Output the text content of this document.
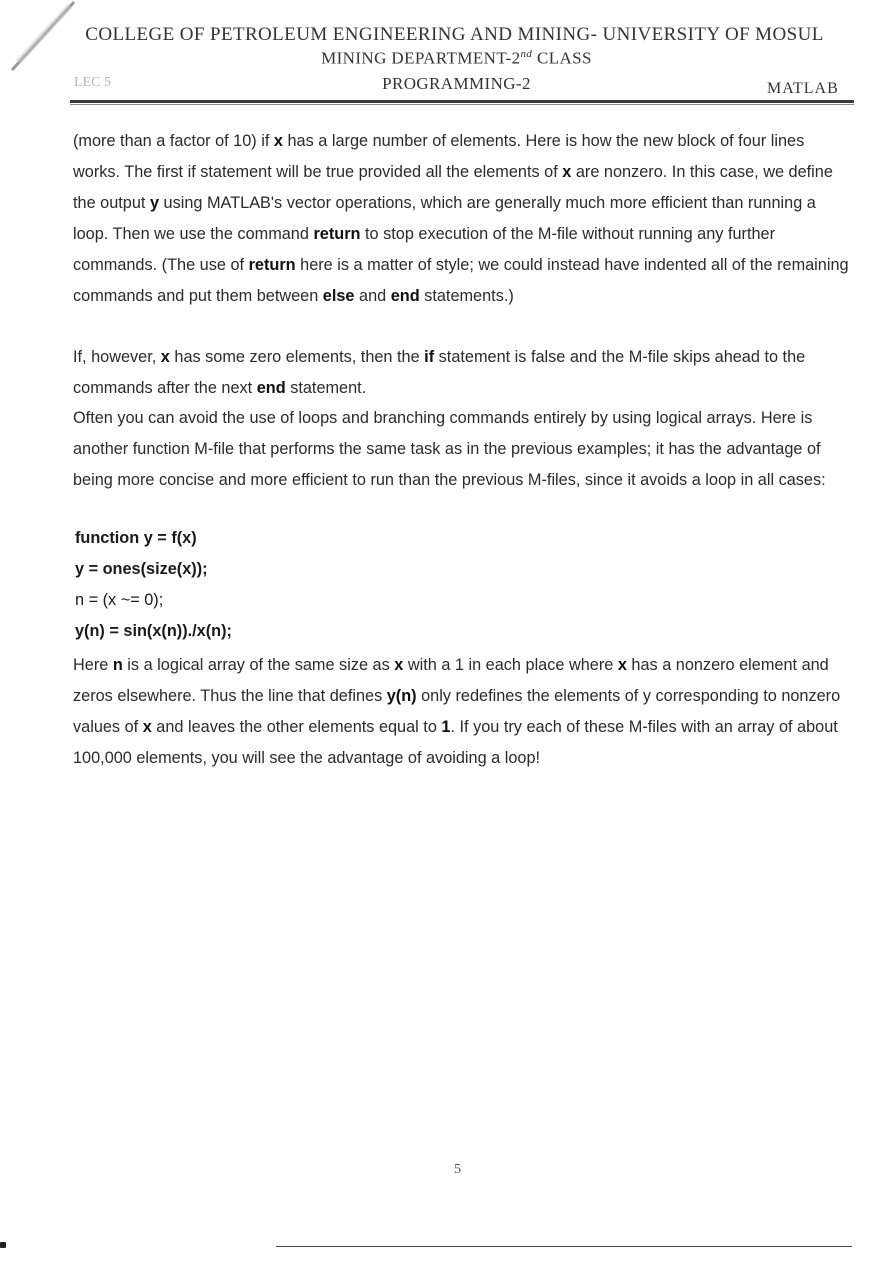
COLLEGE OF PETROLEUM ENGINEERING AND MINING- UNIVERSITY OF MOSUL
MINING DEPARTMENT-2nd CLASS
PROGRAMMING-2
LEC 5	MATLAB

(more than a factor of 10) if x has a large number of elements. Here is how the new block of four lines works. The first if statement will be true provided all the elements of x are nonzero. In this case, we define the output y using MATLAB's vector operations, which are generally much more efficient than running a loop. Then we use the command return to stop execution of the M-file without running any further commands. (The use of return here is a matter of style; we could instead have indented all of the remaining commands and put them between else and end statements.)

If, however, x has some zero elements, then the if statement is false and the M-file skips ahead to the commands after the next end statement.

Often you can avoid the use of loops and branching commands entirely by using logical arrays. Here is another function M-file that performs the same task as in the previous examples; it has the advantage of being more concise and more efficient to run than the previous M-files, since it avoids a loop in all cases:

function y = f(x)
y = ones(size(x));
n = (x ~= 0);
y(n) = sin(x(n))./x(n);

Here n is a logical array of the same size as x with a 1 in each place where x has a nonzero element and zeros elsewhere. Thus the line that defines y(n) only redefines the elements of y corresponding to nonzero values of x and leaves the other elements equal to 1. If you try each of these M-files with an array of about 100,000 elements, you will see the advantage of avoiding a loop!

5
